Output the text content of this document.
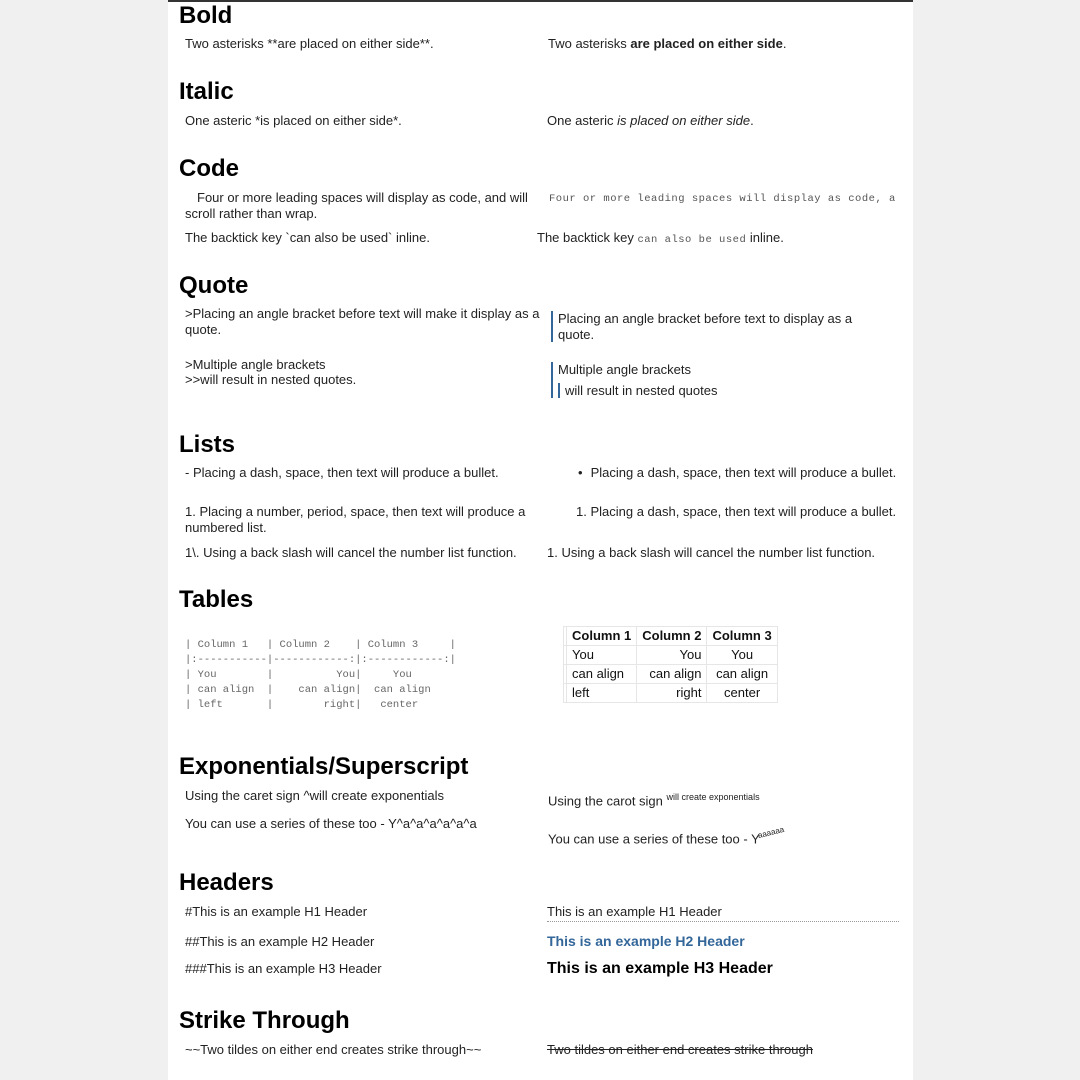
Bold
Two asterisks **are placed on either side**.	Two asterisks are placed on either side.
Italic
One asteric *is placed on either side*.	One asteric is placed on either side.
Code
Four or more leading spaces will display as code, and will scroll rather than wrap.
Four or more leading spaces will display as code, a
The backtick key `can also be used` inline.	The backtick key can also be used inline.
Quote
>Placing an angle bracket before text will make it display as a quote.
Placing an angle bracket before text to display as a quote.
>Multiple angle brackets
>>will result in nested quotes.
Multiple angle brackets
will result in nested quotes
Lists
- Placing a dash, space, then text will produce a bullet.	• Placing a dash, space, then text will produce a bullet.
1. Placing a number, period, space, then text will produce a numbered list.
1. Placing a dash, space, then text will produce a bullet.
1\. Using a back slash will cancel the number list function. 1. Using a back slash will cancel the number list function.
Tables
| Column 1   | Column 2    | Column 3     |
|:-----------|------------:|:------------:|
| You        |          You|     You
| can align  |    can align|  can align
| left       |        right|   center
	Column 1	Column 2	Column 3
	You	You	You
	can align	can align	can align
	left	right	center
Exponentials/Superscript
Using the caret sign ^will create exponentials	Using the carot sign $^{will create exponentials}$
You can use a series of these too - Y^a^a^a^a^a^a
You can use a series of these too - $Y^{aaaaaa}$
Headers
#This is an example H1 Header	This is an example H1 Header
##This is an example H2 Header	This is an example H2 Header
###This is an example H3 Header	This is an example H3 Header
Strike Through
~~Two tildes on either end creates strike through~~	Two tildes on either end creates strike through
